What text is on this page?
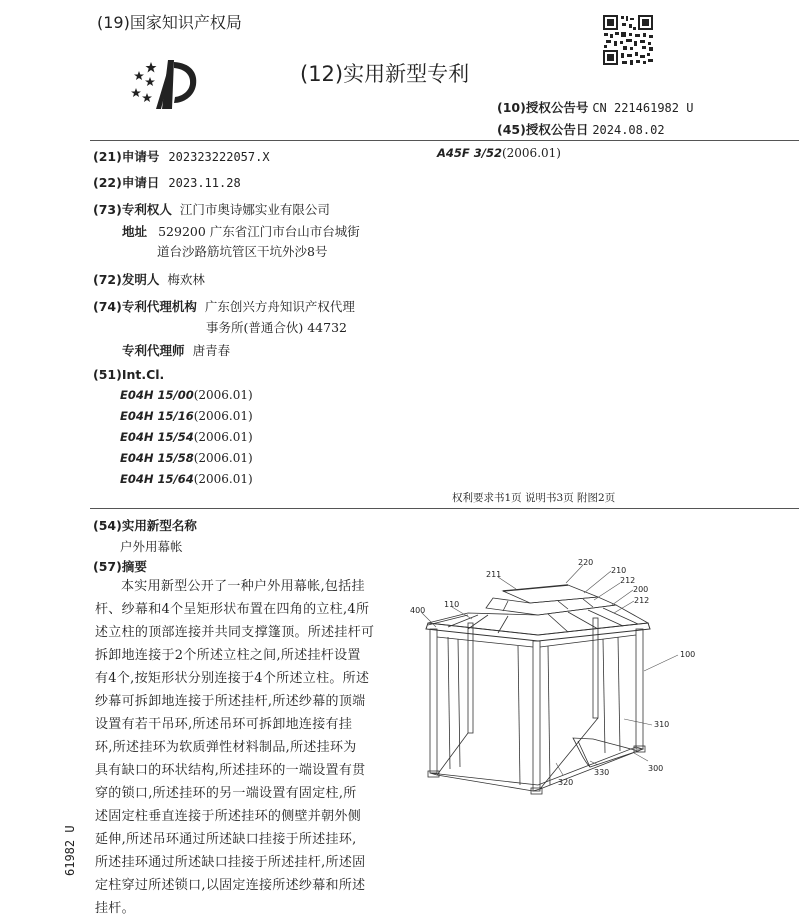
(19)国家知识产权局
(12)实用新型专利
(10)授权公告号 CN 221461982 U
(45)授权公告日 2024.08.02
(21)申请号 202323222057.X	A45F 3/52(2006.01)
(22)申请日 2023.11.28
(73)专利权人 江门市奥诗娜实业有限公司
地址 529200 广东省江门市台山市台城街
道台沙路筋坑管区干坑外沙8号
(72)发明人 梅欢林
(74)专利代理机构 广东创兴方舟知识产权代理
事务所(普通合伙) 44732
专利代理师 唐青春
(51)Int.Cl.
E04H 15/00(2006.01)
E04H 15/16(2006.01)
E04H 15/54(2006.01)
E04H 15/58(2006.01)
E04H 15/64(2006.01)
权利要求书1页 说明书3页 附图2页
(54)实用新型名称
户外用幕帐
(57)摘要
本实用新型公开了一种户外用幕帐,包括挂
杆、纱幕和4个呈矩形状布置在四角的立柱,4所
述立柱的顶部连接并共同支撑篷顶。所述挂杆可
拆卸地连接于2个所述立柱之间,所述挂杆设置
有4个,按矩形状分别连接于4个所述立柱。所述
纱幕可拆卸地连接于所述挂杆,所述纱幕的顶端
设置有若干吊环,所述吊环可拆卸地连接有挂
环,所述挂环为软质弹性材料制品,所述挂环为
具有缺口的环状结构,所述挂环的一端设置有贯
穿的锁口,所述挂环的另一端设置有固定柱,所
述固定柱垂直连接于所述挂环的侧壁并朝外侧
延伸,所述吊环通过所述缺口挂接于所述挂环,
所述挂环通过所述缺口挂接于所述挂杆,所述固
定柱穿过所述锁口,以固定连接所述纱幕和所述
挂杆。
61982 U
220
210
211
212
200
212
400
110
100
310
320
330	300
